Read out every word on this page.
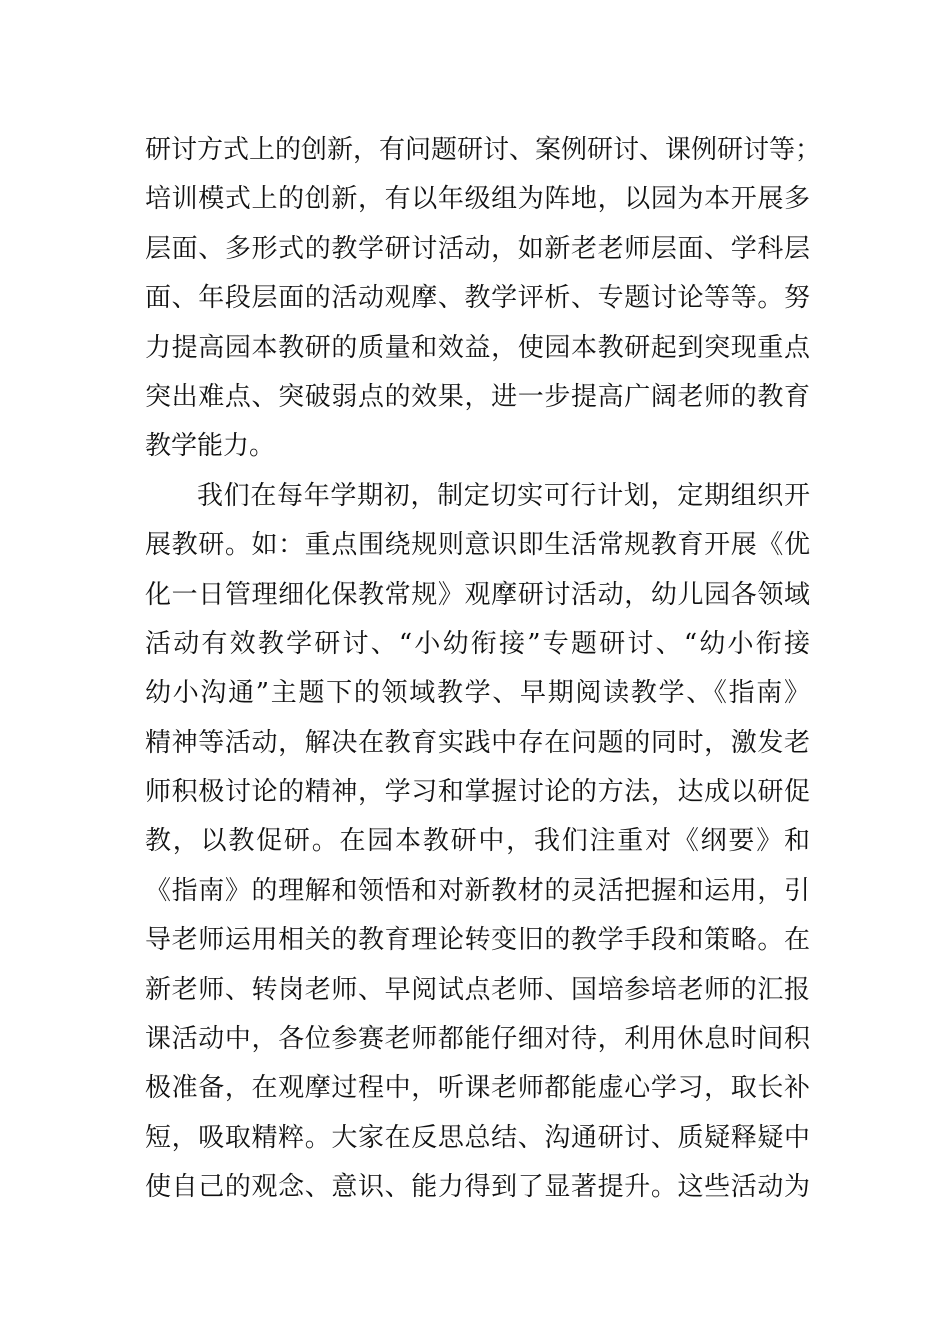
研讨方式上的创新，有问题研讨、案例研讨、课例研讨等；
培训模式上的创新，有以年级组为阵地，以园为本开展多
层面、多形式的教学研讨活动，如新老老师层面、学科层
面、年段层面的活动观摩、教学评析、专题讨论等等。努
力提高园本教研的质量和效益，使园本教研起到突现重点
突出难点、突破弱点的效果，进一步提高广阔老师的教育
教学能力。
我们在每年学期初，制定切实可行计划，定期组织开
展教研。如：重点围绕规则意识即生活常规教育开展《优
化一日管理细化保教常规》观摩研讨活动，幼儿园各领域
活动有效教学研讨、“小幼衔接”专题研讨、“幼小衔接
幼小沟通”主题下的领域教学、早期阅读教学、《指南》
精神等活动，解决在教育实践中存在问题的同时，激发老
师积极讨论的精神，学习和掌握讨论的方法，达成以研促
教，以教促研。在园本教研中，我们注重对《纲要》和
《指南》的理解和领悟和对新教材的灵活把握和运用，引
导老师运用相关的教育理论转变旧的教学手段和策略。在
新老师、转岗老师、早阅试点老师、国培参培老师的汇报
课活动中，各位参赛老师都能仔细对待，利用休息时间积
极准备，在观摩过程中，听课老师都能虚心学习，取长补
短，吸取精粹。大家在反思总结、沟通研讨、质疑释疑中
使自己的观念、意识、能力得到了显著提升。这些活动为
